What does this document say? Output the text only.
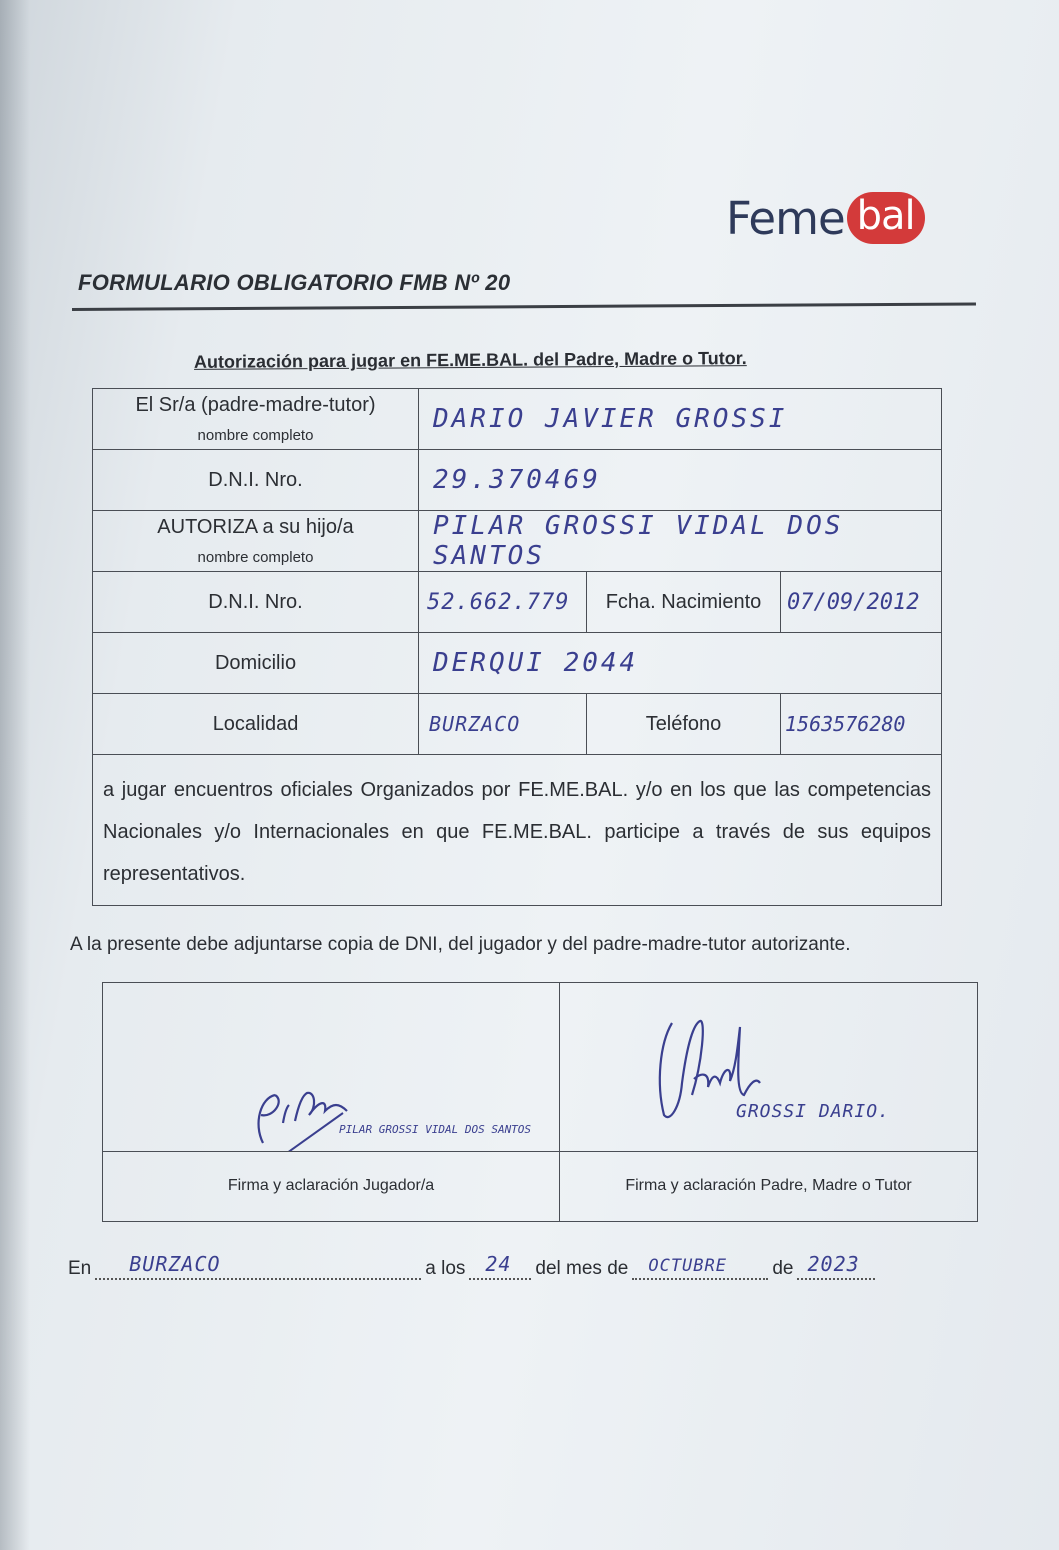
Fe me bal
FORMULARIO OBLIGATORIO FMB Nº 20
Autorización para jugar en FE.ME.BAL. del Padre, Madre o Tutor.
El Sr/a (padre-madre-tutor)
nombre completo
DARIO JAVIER GROSSI
D.N.I. Nro.	29.370469
AUTORIZA a su hijo/a
nombre completo
PILAR GROSSI VIDAL DOS SANTOS
D.N.I. Nro.	52.662.779 Fcha. Nacimiento 07/09/2012
Domicilio	DERQUI 2044
Localidad	BURZACO	Teléfono	1563576280
a jugar encuentros oficiales Organizados por FE.ME.BAL. y/o en los que las competencias Nacionales y/o Internacionales en que FE.ME.BAL. participe a través de sus equipos representativos.
A la presente debe adjuntarse copia de DNI, del jugador y del padre-madre-tutor autorizante.
PILAR GROSSI VIDAL DOS SANTOS
Firma y aclaración Jugador/a
GROSSI DARIO.
Firma y aclaración Padre, Madre o Tutor
En BURZACO	a los 24 del mes de OCTUBRE de 2023
